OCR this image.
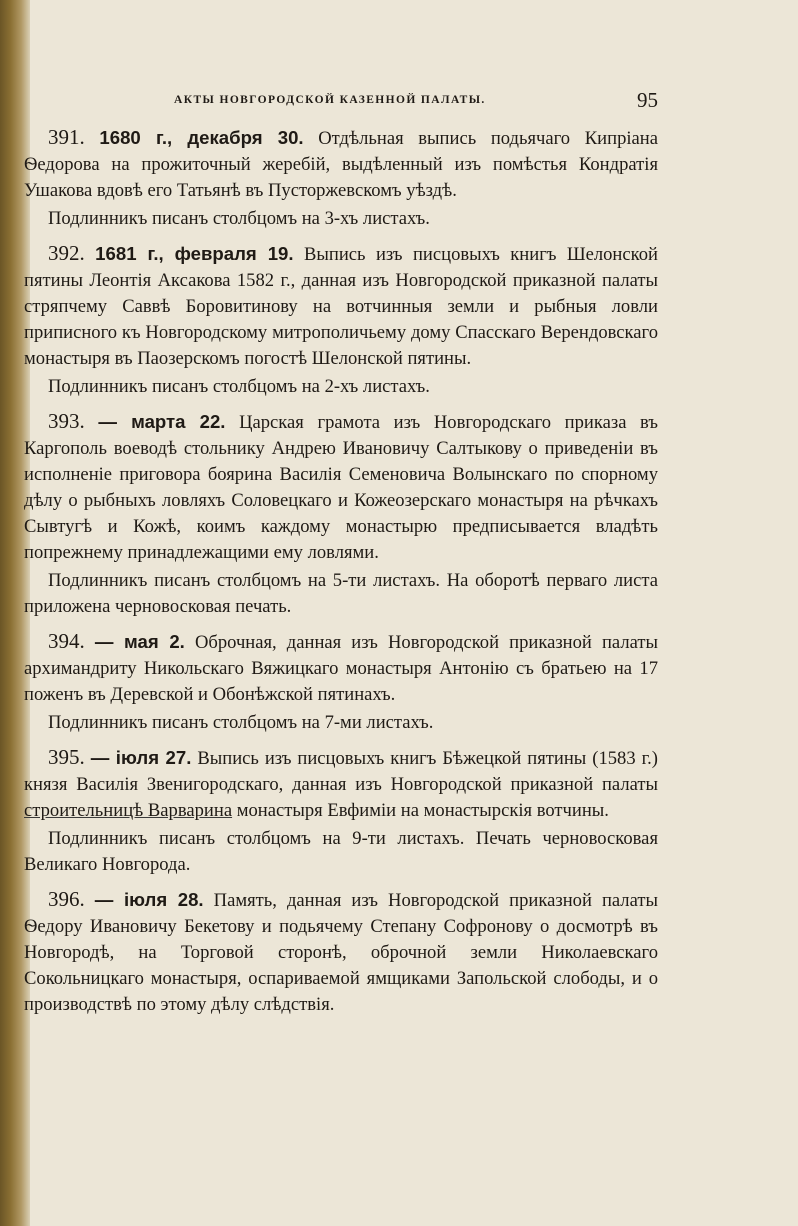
АКТЫ НОВГОРОДСКОЙ КАЗЕННОЙ ПАЛАТЫ.	95

391. 1680 г., декабря 30. Отдѣльная выпись подьячаго Кипріана Ѳедорова на прожиточный жеребій, выдѣленный изъ помѣстья Кондратія Ушакова вдовѣ его Татьянѣ въ Пусторжевскомъ уѣздѣ.

Подлинникъ писанъ столбцомъ на 3-хъ листахъ.

392. 1681 г., февраля 19. Выпись изъ писцовыхъ книгъ Шелонской пятины Леонтія Аксакова 1582 г., данная изъ Новгородской приказной палаты стряпчему Саввѣ Боровитинову на вотчинныя земли и рыбныя ловли приписного къ Новгородскому митрополичьему дому Спасскаго Верендовскаго монастыря въ Паозерскомъ погостѣ Шелонской пятины.

Подлинникъ писанъ столбцомъ на 2-хъ листахъ.

393. — марта 22. Царская грамота изъ Новгородскаго приказа въ Каргополь воеводѣ стольнику Андрею Ивановичу Салтыкову о приведеніи въ исполненіе приговора боярина Василія Семеновича Волынскаго по спорному дѣлу о рыбныхъ ловляхъ Соловецкаго и Кожеозерскаго монастыря на рѣчкахъ Сывтугѣ и Кожѣ, коимъ каждому монастырю предписывается владѣть попрежнему принадлежащими ему ловлями.

Подлинникъ писанъ столбцомъ на 5-ти листахъ. На оборотѣ перваго листа приложена черновосковая печать.

394. — мая 2. Оброчная, данная изъ Новгородской приказной палаты архимандриту Никольскаго Вяжицкаго монастыря Антонію съ братьею на 17 поженъ въ Деревской и Обонѣжской пятинахъ.

Подлинникъ писанъ столбцомъ на 7-ми листахъ.

395. — іюля 27. Выпись изъ писцовыхъ книгъ Бѣжецкой пятины (1583 г.) князя Василія Звенигородскаго, данная изъ Новгородской приказной палаты строительницѣ Варварина монастыря Евфиміи на монастырскія вотчины.

Подлинникъ писанъ столбцомъ на 9-ти листахъ. Печать черновосковая Великаго Новгорода.

396. — іюля 28. Память, данная изъ Новгородской приказной палаты Ѳедору Ивановичу Бекетову и подьячему Степану Софронову о досмотрѣ въ Новгородѣ, на Торговой сторонѣ, оброчной земли Николаевскаго Сокольницкаго монастыря, оспариваемой ямщиками Запольской слободы, и о производствѣ по этому дѣлу слѣдствія.
